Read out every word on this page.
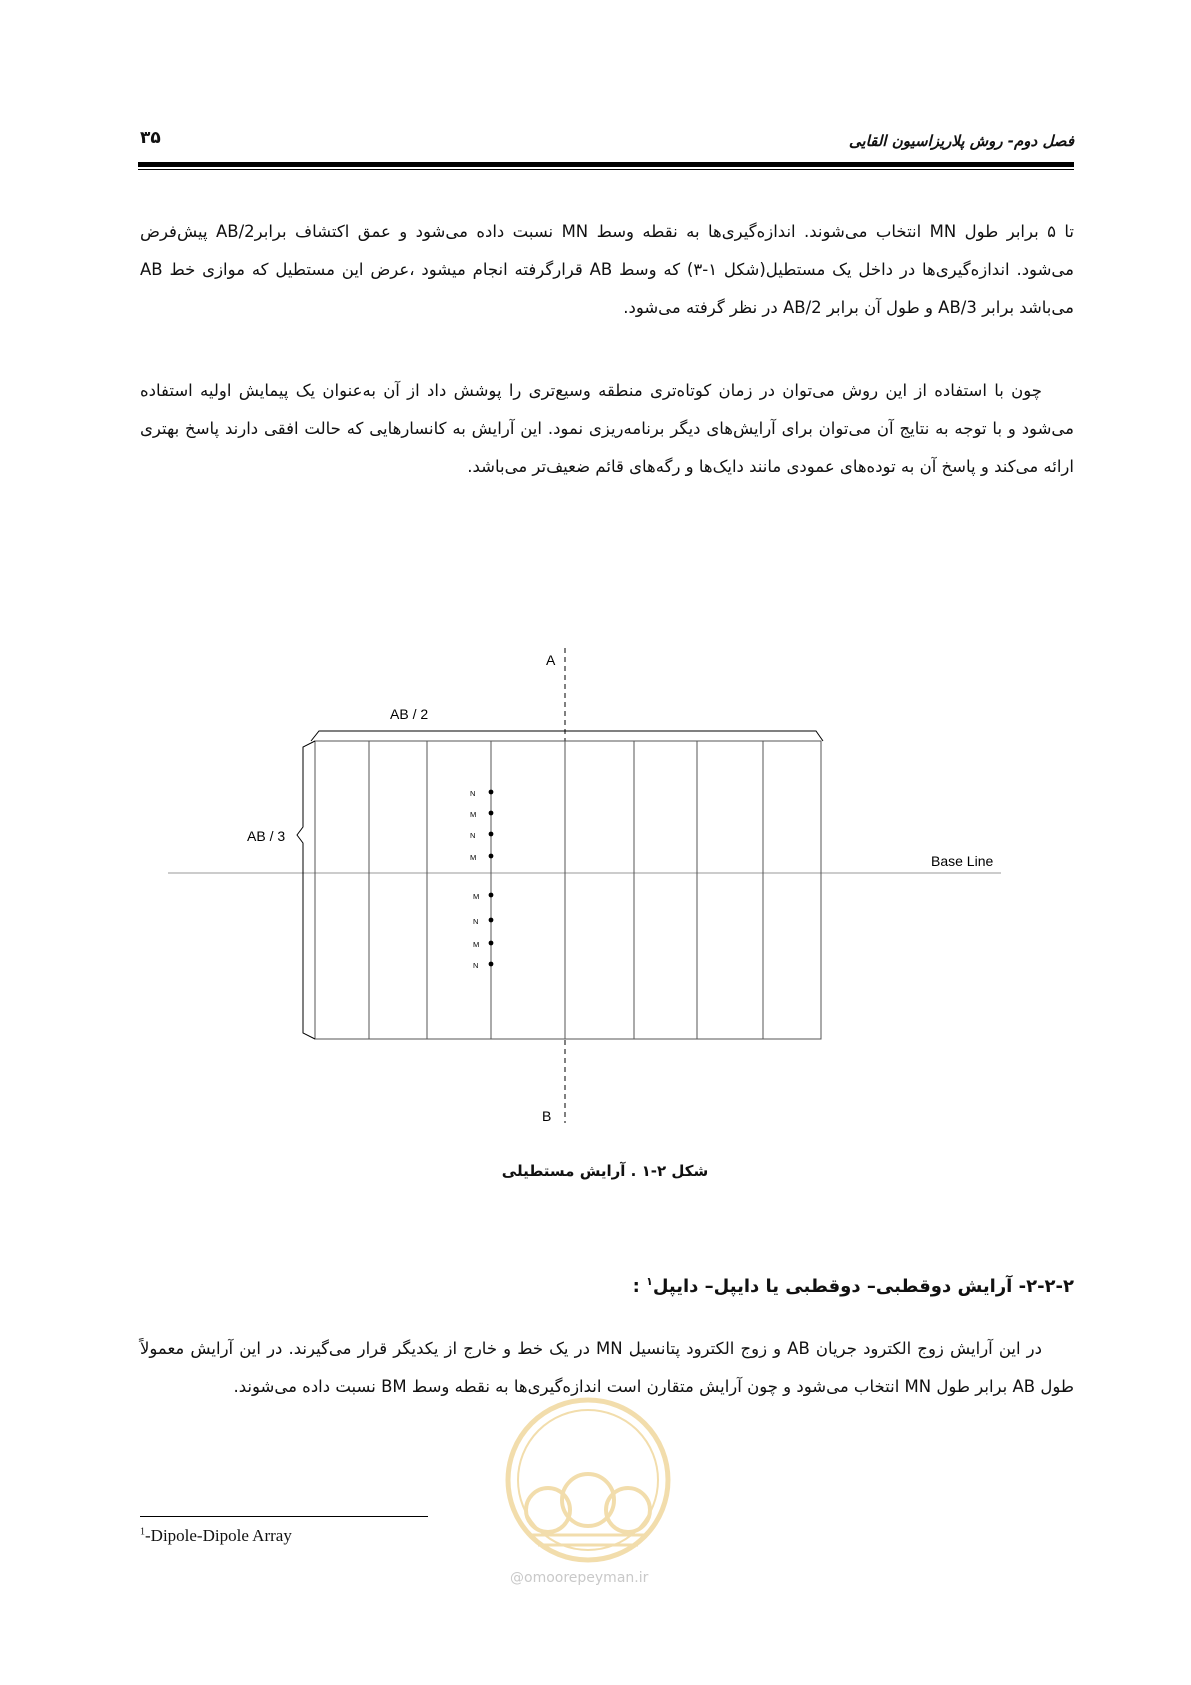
فصل دوم- روش پلاریزاسیون القایی
۳۵
تا ۵ برابر طول MN انتخاب می‌شوند. اندازه‌گیری‌ها به نقطه وسط MN نسبت داده می‌شود و عمق اکتشاف برابرAB/2 پیش‌فرض می‌شود. اندازه‌گیری‌ها در داخل یک مستطیل(شکل ۱-۳) که وسط AB قرارگرفته انجام میشود ،عرض این مستطیل که موازی خط AB می‌باشد برابر AB/3 و طول آن برابر AB/2 در نظر گرفته می‌شود.
چون با استفاده از این روش می‌توان در زمان کوتاه‌تری منطقه وسیع‌تری را پوشش داد از آن به‌عنوان یک پیمایش اولیه استفاده می‌شود و با توجه به نتایج آن می‌توان برای آرایش‌های دیگر برنامه‌ریزی نمود. این آرایش به کانسارهایی که حالت افقی دارند پاسخ بهتری ارائه می‌کند و پاسخ آن به توده‌های عمودی مانند دایک‌ها و رگه‌های قائم ضعیف‌تر می‌باشد.
N
M
N
M
M
N
M
N
A
B
AB / 2
AB / 3
Base Line
شکل ۲-۱ . آرایش مستطیلی
۲-۲-۲- آرایش دوقطبی– دوقطبی یا دایپل– دایپل$^۱$ :
در این آرایش زوج الکترود جریان AB و زوج الکترود پتانسیل MN در یک خط و خارج از یکدیگر قرار می‌گیرند. در این آرایش معمولاً طول AB برابر طول MN انتخاب می‌شود و چون آرایش متقارن است اندازه‌گیری‌ها به نقطه وسط BM نسبت داده می‌شوند.
$^1$-Dipole-Dipole Array
@omoorepeyman.ir
